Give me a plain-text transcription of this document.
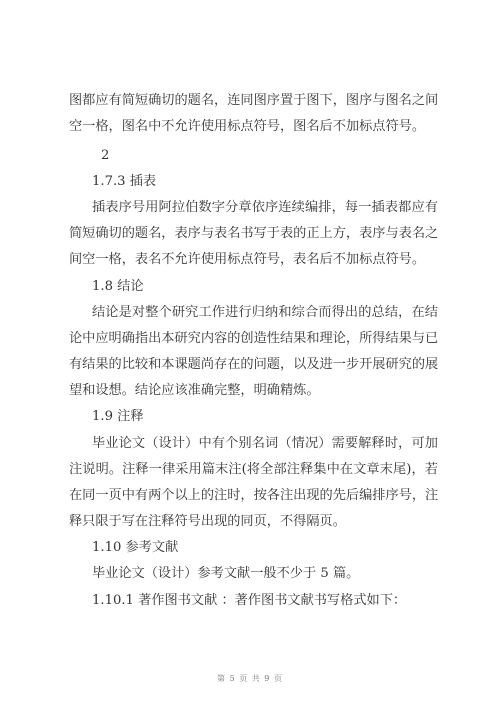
图都应有简短确切的题名，连同图序置于图下，图序与图名之间
空一格，图名中不允许使用标点符号，图名后不加标点符号。
2
1.7.3 插表
插表序号用阿拉伯数字分章依序连续编排，每一插表都应有
简短确切的题名，表序与表名书写于表的正上方，表序与表名之
间空一格，表名不允许使用标点符号，表名后不加标点符号。
1.8 结论
结论是对整个研究工作进行归纳和综合而得出的总结，在结
论中应明确指出本研究内容的创造性结果和理论，所得结果与已
有结果的比较和本课题尚存在的问题，以及进一步开展研究的展
望和设想。结论应该准确完整，明确精炼。
1.9 注释
毕业论文（设计）中有个别名词（情况）需要解释时，可加
注说明。注释一律采用篇末注(将全部注释集中在文章末尾)，若
在同一页中有两个以上的注时，按各注出现的先后编排序号，注
释只限于写在注释符号出现的同页，不得隔页。
1.10 参考文献
毕业论文（设计）参考文献一般不少于 5 篇。
1.10.1 著作图书文献 ：著作图书文献书写格式如下：
第 5 页 共 9 页
